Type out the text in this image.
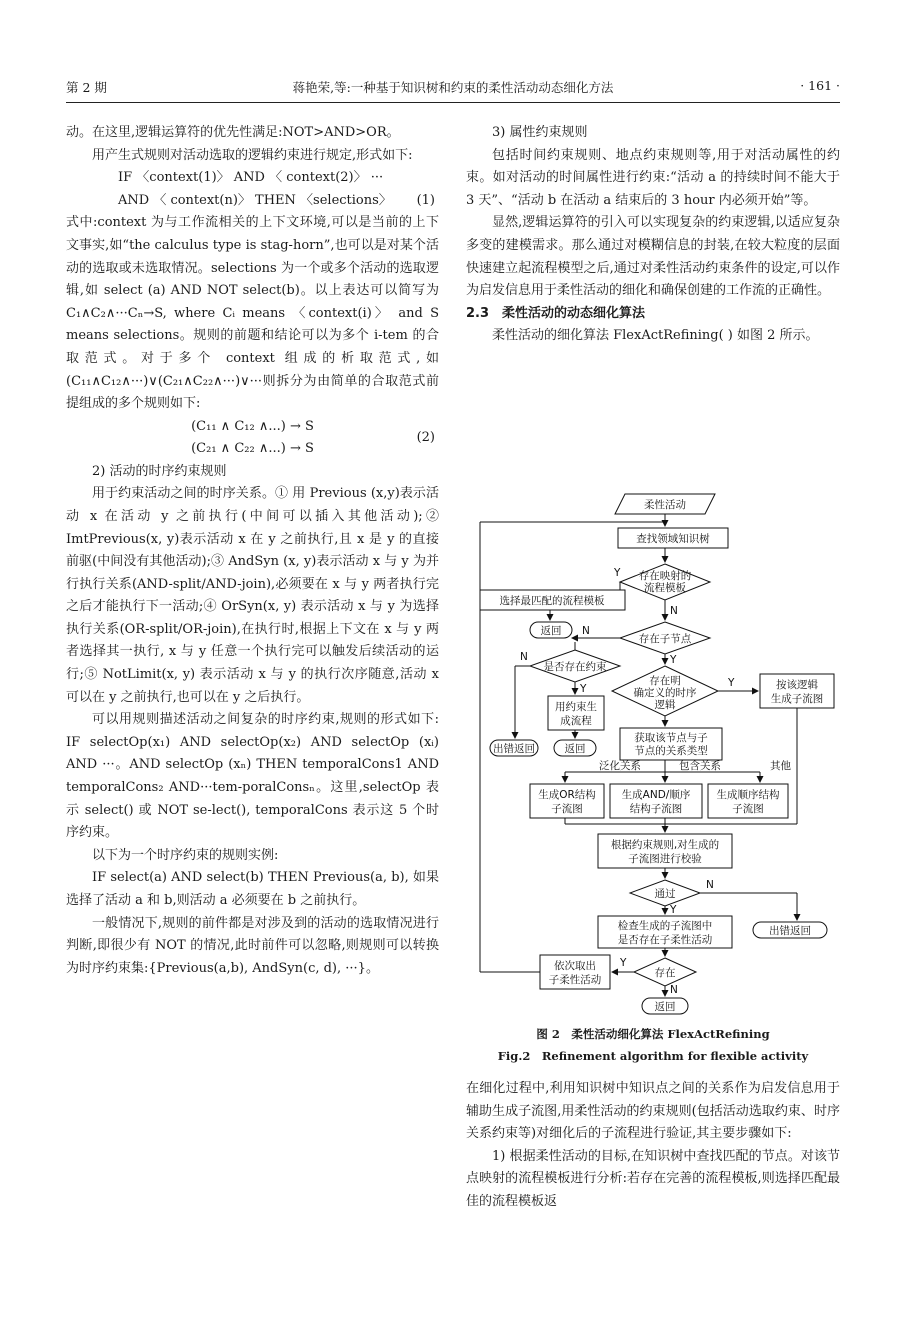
第 2 期	蒋艳荣,等:一种基于知识树和约束的柔性活动动态细化方法	· 161 ·

动。在这里,逻辑运算符的优先性满足:NOT>AND>OR。

用产生式规则对活动选取的逻辑约束进行规定,形式如下:

IF 〈context(1)〉 AND 〈 context(2)〉 ···

AND 〈 context(n)〉 THEN 〈selections〉 (1)

式中:context 为与工作流相关的上下文环境,可以是当前的上下文事实,如“the calculus type is stag-horn”,也可以是对某个活动的选取或未选取情况。selections 为一个或多个活动的选取逻辑,如 select (a) AND NOT select(b)。以上表达可以简写为 C₁∧C₂∧···Cₙ→S, where Cᵢ means 〈context(i)〉 and S means selections。规则的前题和结论可以为多个 i-tem 的合取范式。对于多个 context 组成的析取范式,如(C₁₁∧C₁₂∧···)∨(C₂₁∧C₂₂∧···)∨···则拆分为由简单的合取范式前提组成的多个规则如下:

(C₁₁ ∧ C₁₂ ∧...) → S

(C₂₁ ∧ C₂₂ ∧...) → S

(2)

2) 活动的时序约束规则

用于约束活动之间的时序关系。① 用 Previous (x,y)表示活动 x 在活动 y 之前执行(中间可以插入其他活动);② ImtPrevious(x, y)表示活动 x 在 y 之前执行,且 x 是 y 的直接前驱(中间没有其他活动);③ AndSyn (x, y)表示活动 x 与 y 为并行执行关系(AND-split/AND-join),必须要在 x 与 y 两者执行完之后才能执行下一活动;④ OrSyn(x, y) 表示活动 x 与 y 为选择执行关系(OR-split/OR-join),在执行时,根据上下文在 x 与 y 两者选择其一执行, x 与 y 任意一个执行完可以触发后续活动的运行;⑤ NotLimit(x, y) 表示活动 x 与 y 的执行次序随意,活动 x 可以在 y 之前执行,也可以在 y 之后执行。

可以用规则描述活动之间复杂的时序约束,规则的形式如下: IF selectOp(x₁) AND selectOp(x₂) AND selectOp (xᵢ) AND ···。AND selectOp (xₙ) THEN temporalCons1 AND temporalCons₂ AND···tem-poralConsₙ。这里,selectOp 表示 select() 或 NOT se-lect(), temporalCons 表示这 5 个时序约束。

以下为一个时序约束的规则实例:

IF select(a) AND select(b) THEN Previous(a, b), 如果选择了活动 a 和 b,则活动 a 必须要在 b 之前执行。

一般情况下,规则的前件都是对涉及到的活动的选取情况进行判断,即很少有 NOT 的情况,此时前件可以忽略,则规则可以转换为时序约束集:{Previous(a,b), AndSyn(c, d), ···}。

3) 属性约束规则

包括时间约束规则、地点约束规则等,用于对活动属性的约束。如对活动的时间属性进行约束:“活动 a 的持续时间不能大于 3 天”、“活动 b 在活动 a 结束后的 3 hour 内必须开始”等。

显然,逻辑运算符的引入可以实现复杂的约束逻辑,以适应复杂多变的建模需求。那么通过对模糊信息的封装,在较大粒度的层面快速建立起流程模型之后,通过对柔性活动约束条件的设定,可以作为启发信息用于柔性活动的细化和确保创建的工作流的正确性。

2.3　柔性活动的动态细化算法

柔性活动的细化算法 FlexActRefining( ) 如图 2 所示。

柔性活动
查找领域知识树
存在映射的
流程模板
Y
选择最匹配的流程模板
返回
N
存在子节点
N
Y
是否存在约束
N
Y
存在明
确定义的时序
逻辑
Y	按该逻辑
生成子流图
用约束生
成流程
获取该节点与子
节点的关系类型
出错返回	返回
泛化关系	包含关系	其他
生成OR结构
子流图
生成AND/顺序
结构子流图
生成顺序结构
子流图
根据约束规则,对生成的
子流图进行校验
通过
N
Y
出错返回
检查生成的子流图中
是否存在子柔性活动
存在
Y
依次取出
子柔性活动
N
返回
图 2　柔性活动细化算法 FlexActRefining
Fig.2　Refinement algorithm for flexible activity

在细化过程中,利用知识树中知识点之间的关系作为启发信息用于辅助生成子流图,用柔性活动的约束规则(包括活动选取约束、时序关系约束等)对细化后的子流程进行验证,其主要步骤如下:

1) 根据柔性活动的目标,在知识树中查找匹配的节点。对该节点映射的流程模板进行分析:若存在完善的流程模板,则选择匹配最佳的流程模板返
